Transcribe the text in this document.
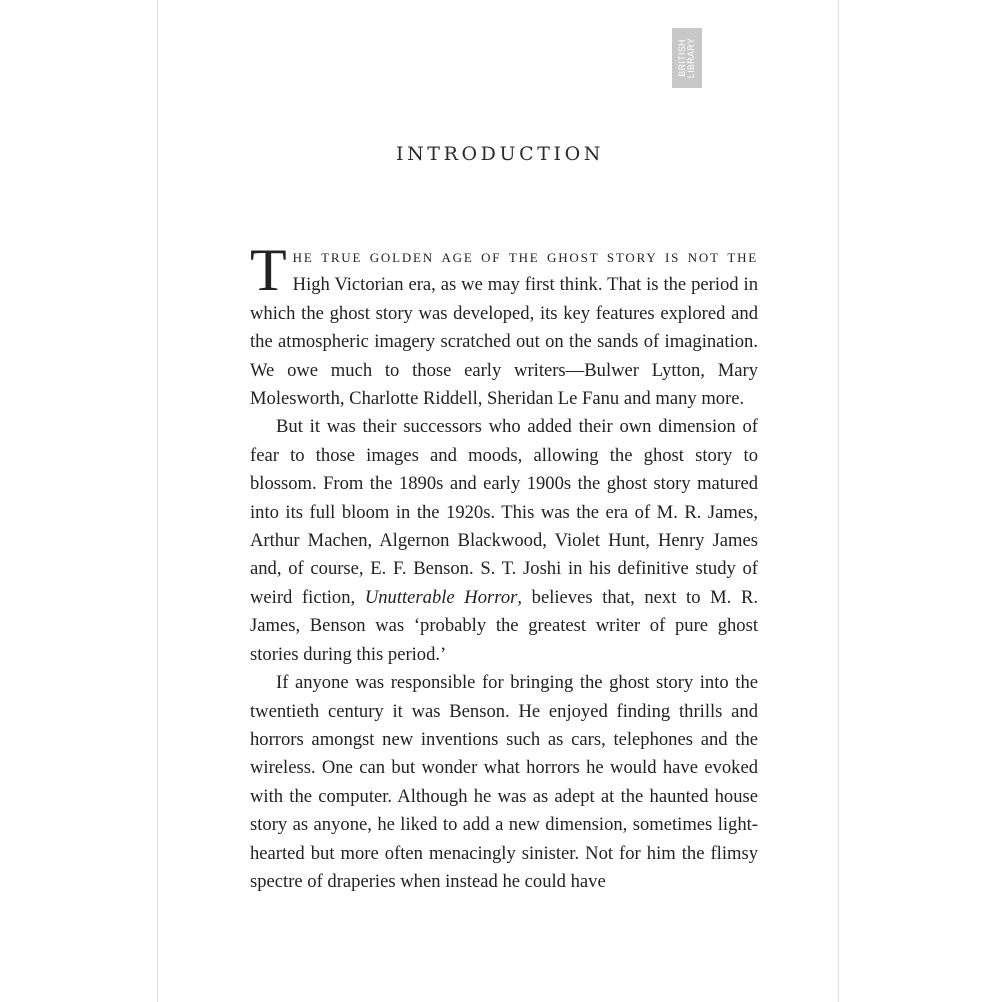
BRITISH LIBRARY
INTRODUCTION

The true golden age of the ghost story is not the High Victorian era, as we may first think. That is the period in which the ghost story was developed, its key features explored and the atmospheric imagery scratched out on the sands of imagination. We owe much to those early writers—Bulwer Lytton, Mary Molesworth, Charlotte Riddell, Sheridan Le Fanu and many more.

But it was their successors who added their own dimension of fear to those images and moods, allowing the ghost story to blossom. From the 1890s and early 1900s the ghost story matured into its full bloom in the 1920s. This was the era of M. R. James, Arthur Machen, Algernon Blackwood, Violet Hunt, Henry James and, of course, E. F. Benson. S. T. Joshi in his definitive study of weird fiction, Unutterable Horror, believes that, next to M. R. James, Benson was ‘probably the greatest writer of pure ghost stories during this period.’

If anyone was responsible for bringing the ghost story into the twentieth century it was Benson. He enjoyed finding thrills and horrors amongst new inventions such as cars, telephones and the wireless. One can but wonder what horrors he would have evoked with the computer. Although he was as adept at the haunted house story as anyone, he liked to add a new dimension, sometimes light-hearted but more often menacingly sinister. Not for him the flimsy spectre of draperies when instead he could have
